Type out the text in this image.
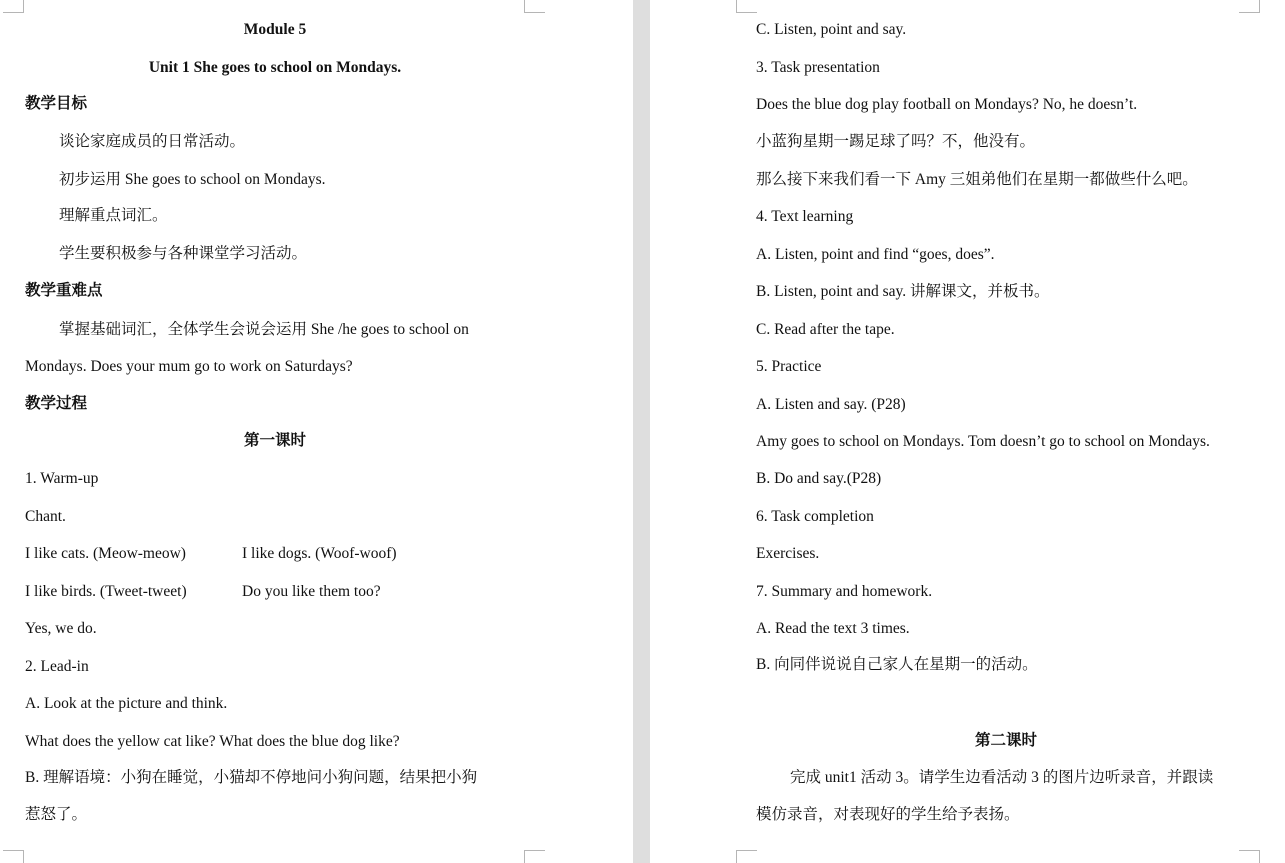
Module 5
Unit 1 She goes to school on Mondays.
教学目标
谈论家庭成员的日常活动。
初步运用 She goes to school on Mondays.
理解重点词汇。
学生要积极参与各种课堂学习活动。
教学重难点
掌握基础词汇，全体学生会说会运用 She /he goes to school on
Mondays. Does your mum go to work on Saturdays?
教学过程
第一课时
1. Warm-up
Chant.
I like cats. (Meow-meow)	I like dogs. (Woof-woof)
I like birds. (Tweet-tweet)	Do you like them too?
Yes, we do.
2. Lead-in
A. Look at the picture and think.
What does the yellow cat like? What does the blue dog like?
B. 理解语境：小狗在睡觉，小猫却不停地问小狗问题，结果把小狗
惹怒了。
C. Listen, point and say.
3. Task presentation
Does the blue dog play football on Mondays? No, he doesn’t.
小蓝狗星期一踢足球了吗？不，他没有。
那么接下来我们看一下 Amy 三姐弟他们在星期一都做些什么吧。
4. Text learning
A. Listen, point and find “goes, does”.
B. Listen, point and say. 讲解课文，并板书。
C. Read after the tape.
5. Practice
A. Listen and say. (P28)
Amy goes to school on Mondays. Tom doesn’t go to school on Mondays.
B. Do and say.(P28)
6. Task completion
Exercises.
7. Summary and homework.
A. Read the text 3 times.
B. 向同伴说说自己家人在星期一的活动。
第二课时
完成 unit1 活动 3。请学生边看活动 3 的图片边听录音，并跟读
模仿录音，对表现好的学生给予表扬。
